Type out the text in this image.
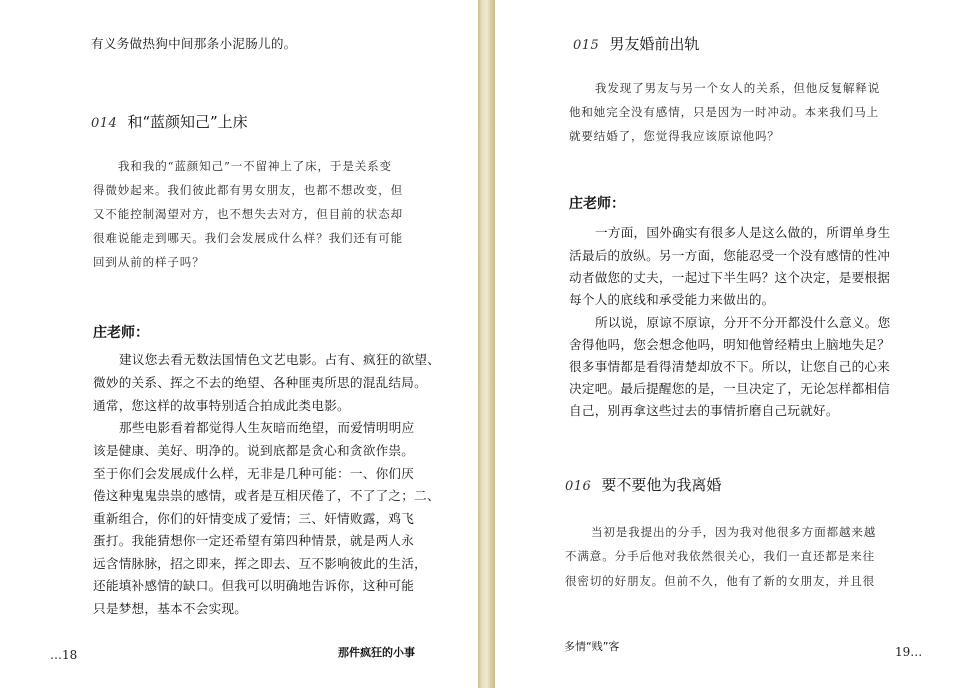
有义务做热狗中间那条小泥肠儿的。
014 和“蓝颜知己”上床
我和我的“蓝颜知己”一不留神上了床，于是关系变
得微妙起来。我们彼此都有男女朋友，也都不想改变，但
又不能控制渴望对方，也不想失去对方，但目前的状态却
很难说能走到哪天。我们会发展成什么样？我们还有可能
回到从前的样子吗？
庄老师：
建议您去看无数法国情色文艺电影。占有、疯狂的欲望、
微妙的关系、挥之不去的绝望、各种匪夷所思的混乱结局。
通常，您这样的故事特别适合拍成此类电影。
那些电影看着都觉得人生灰暗而绝望，而爱情明明应
该是健康、美好、明净的。说到底都是贪心和贪欲作祟。
至于你们会发展成什么样，无非是几种可能：一、你们厌
倦这种鬼鬼祟祟的感情，或者是互相厌倦了，不了了之；二、
重新组合，你们的奸情变成了爱情；三、奸情败露，鸡飞
蛋打。我能猜想你一定还希望有第四种情景，就是两人永
远含情脉脉，招之即来，挥之即去、互不影响彼此的生活，
还能填补感情的缺口。但我可以明确地告诉你，这种可能
只是梦想，基本不会实现。
…18	那件疯狂的小事
015 男友婚前出轨
我发现了男友与另一个女人的关系，但他反复解释说
他和她完全没有感情，只是因为一时冲动。本来我们马上
就要结婚了，您觉得我应该原谅他吗？
庄老师：
一方面，国外确实有很多人是这么做的，所谓单身生
活最后的放纵。另一方面，您能忍受一个没有感情的性冲
动者做您的丈夫，一起过下半生吗？这个决定，是要根据
每个人的底线和承受能力来做出的。
所以说，原谅不原谅，分开不分开都没什么意义。您
舍得他吗，您会想念他吗，明知他曾经精虫上脑地失足？
很多事情都是看得清楚却放不下。所以，让您自己的心来
决定吧。最后提醒您的是，一旦决定了，无论怎样都相信
自己，别再拿这些过去的事情折磨自己玩就好。
016 要不要他为我离婚
当初是我提出的分手，因为我对他很多方面都越来越
不满意。分手后他对我依然很关心，我们一直还都是来往
很密切的好朋友。但前不久，他有了新的女朋友，并且很
多情“贱”客	19…
